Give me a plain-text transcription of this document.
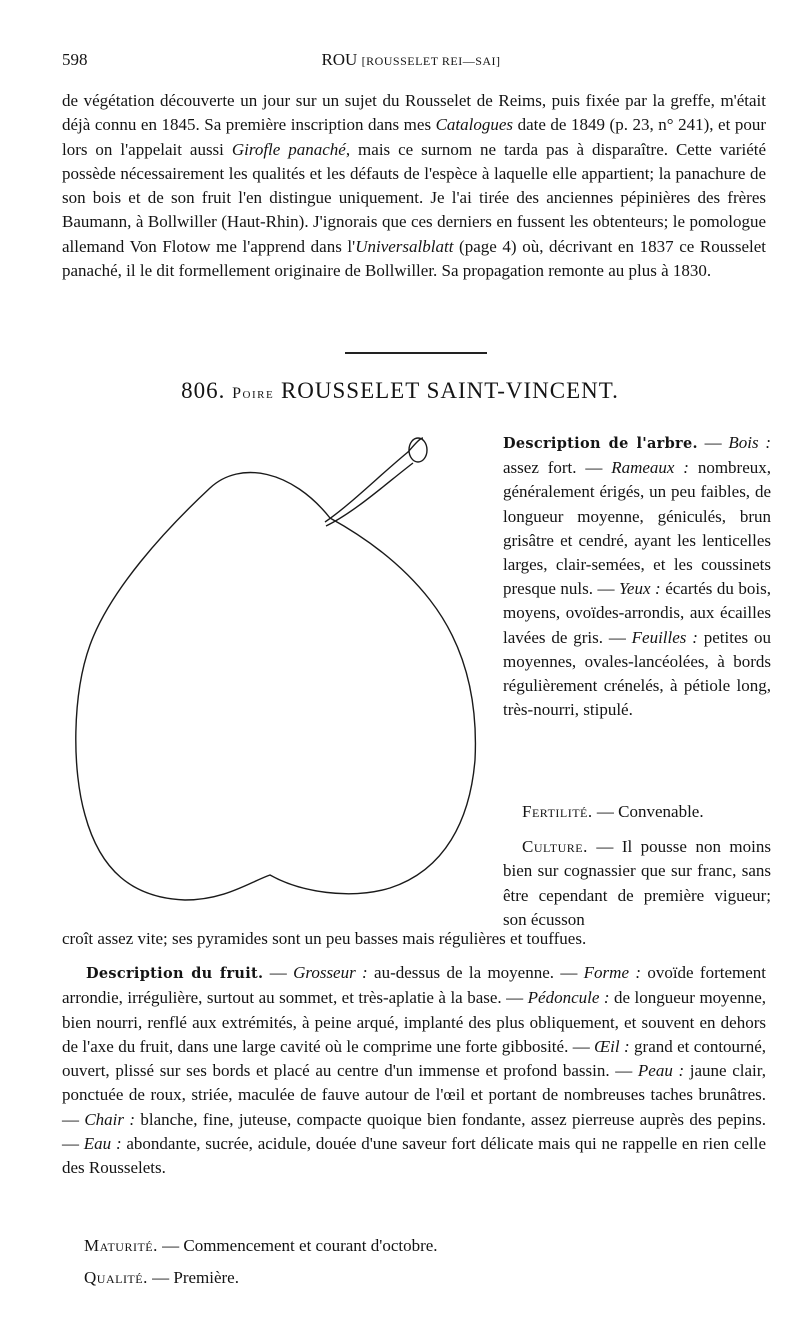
598	ROU [ROUSSELET REI—SAI]
de végétation découverte un jour sur un sujet du Rousselet de Reims, puis fixée par la greffe, m'était déjà connu en 1845. Sa première inscription dans mes Catalogues date de 1849 (p. 23, n° 241), et pour lors on l'appelait aussi Girofle panaché, mais ce surnom ne tarda pas à disparaître. Cette variété possède nécessairement les qualités et les défauts de l'espèce à laquelle elle appartient; la panachure de son bois et de son fruit l'en distingue uniquement. Je l'ai tirée des anciennes pépinières des frères Baumann, à Bollwiller (Haut-Rhin). J'ignorais que ces derniers en fussent les obtenteurs; le pomologue allemand Von Flotow me l'apprend dans l'Universalblatt (page 4) où, décrivant en 1837 ce Rousselet panaché, il le dit formellement originaire de Bollwiller. Sa propagation remonte au plus à 1830.
806. Poire ROUSSELET SAINT-VINCENT.
Description de l'arbre. — Bois : assez fort. — Rameaux : nombreux, généralement érigés, un peu faibles, de longueur moyenne, géniculés, brun grisâtre et cendré, ayant les lenticelles larges, clair-semées, et les coussinets presque nuls. — Yeux : écartés du bois, moyens, ovoïdes-arrondis, aux écailles lavées de gris. — Feuilles : petites ou moyennes, ovales-lancéolées, à bords régulièrement crénelés, à pétiole long, très-nourri, stipulé.
Fertilité. — Convenable.
Culture. — Il pousse non moins bien sur cognassier que sur franc, sans être cependant de première vigueur; son écusson
croît assez vite; ses pyramides sont un peu basses mais régulières et touffues.
Description du fruit. — Grosseur : au-dessus de la moyenne. — Forme : ovoïde fortement arrondie, irrégulière, surtout au sommet, et très-aplatie à la base. — Pédoncule : de longueur moyenne, bien nourri, renflé aux extrémités, à peine arqué, implanté des plus obliquement, et souvent en dehors de l'axe du fruit, dans une large cavité où le comprime une forte gibbosité. — Œil : grand et contourné, ouvert, plissé sur ses bords et placé au centre d'un immense et profond bassin. — Peau : jaune clair, ponctuée de roux, striée, maculée de fauve autour de l'œil et portant de nombreuses taches brunâtres. — Chair : blanche, fine, juteuse, compacte quoique bien fondante, assez pierreuse auprès des pepins. — Eau : abondante, sucrée, acidule, douée d'une saveur fort délicate mais qui ne rappelle en rien celle des Rousselets.
Maturité. — Commencement et courant d'octobre.
Qualité. — Première.
